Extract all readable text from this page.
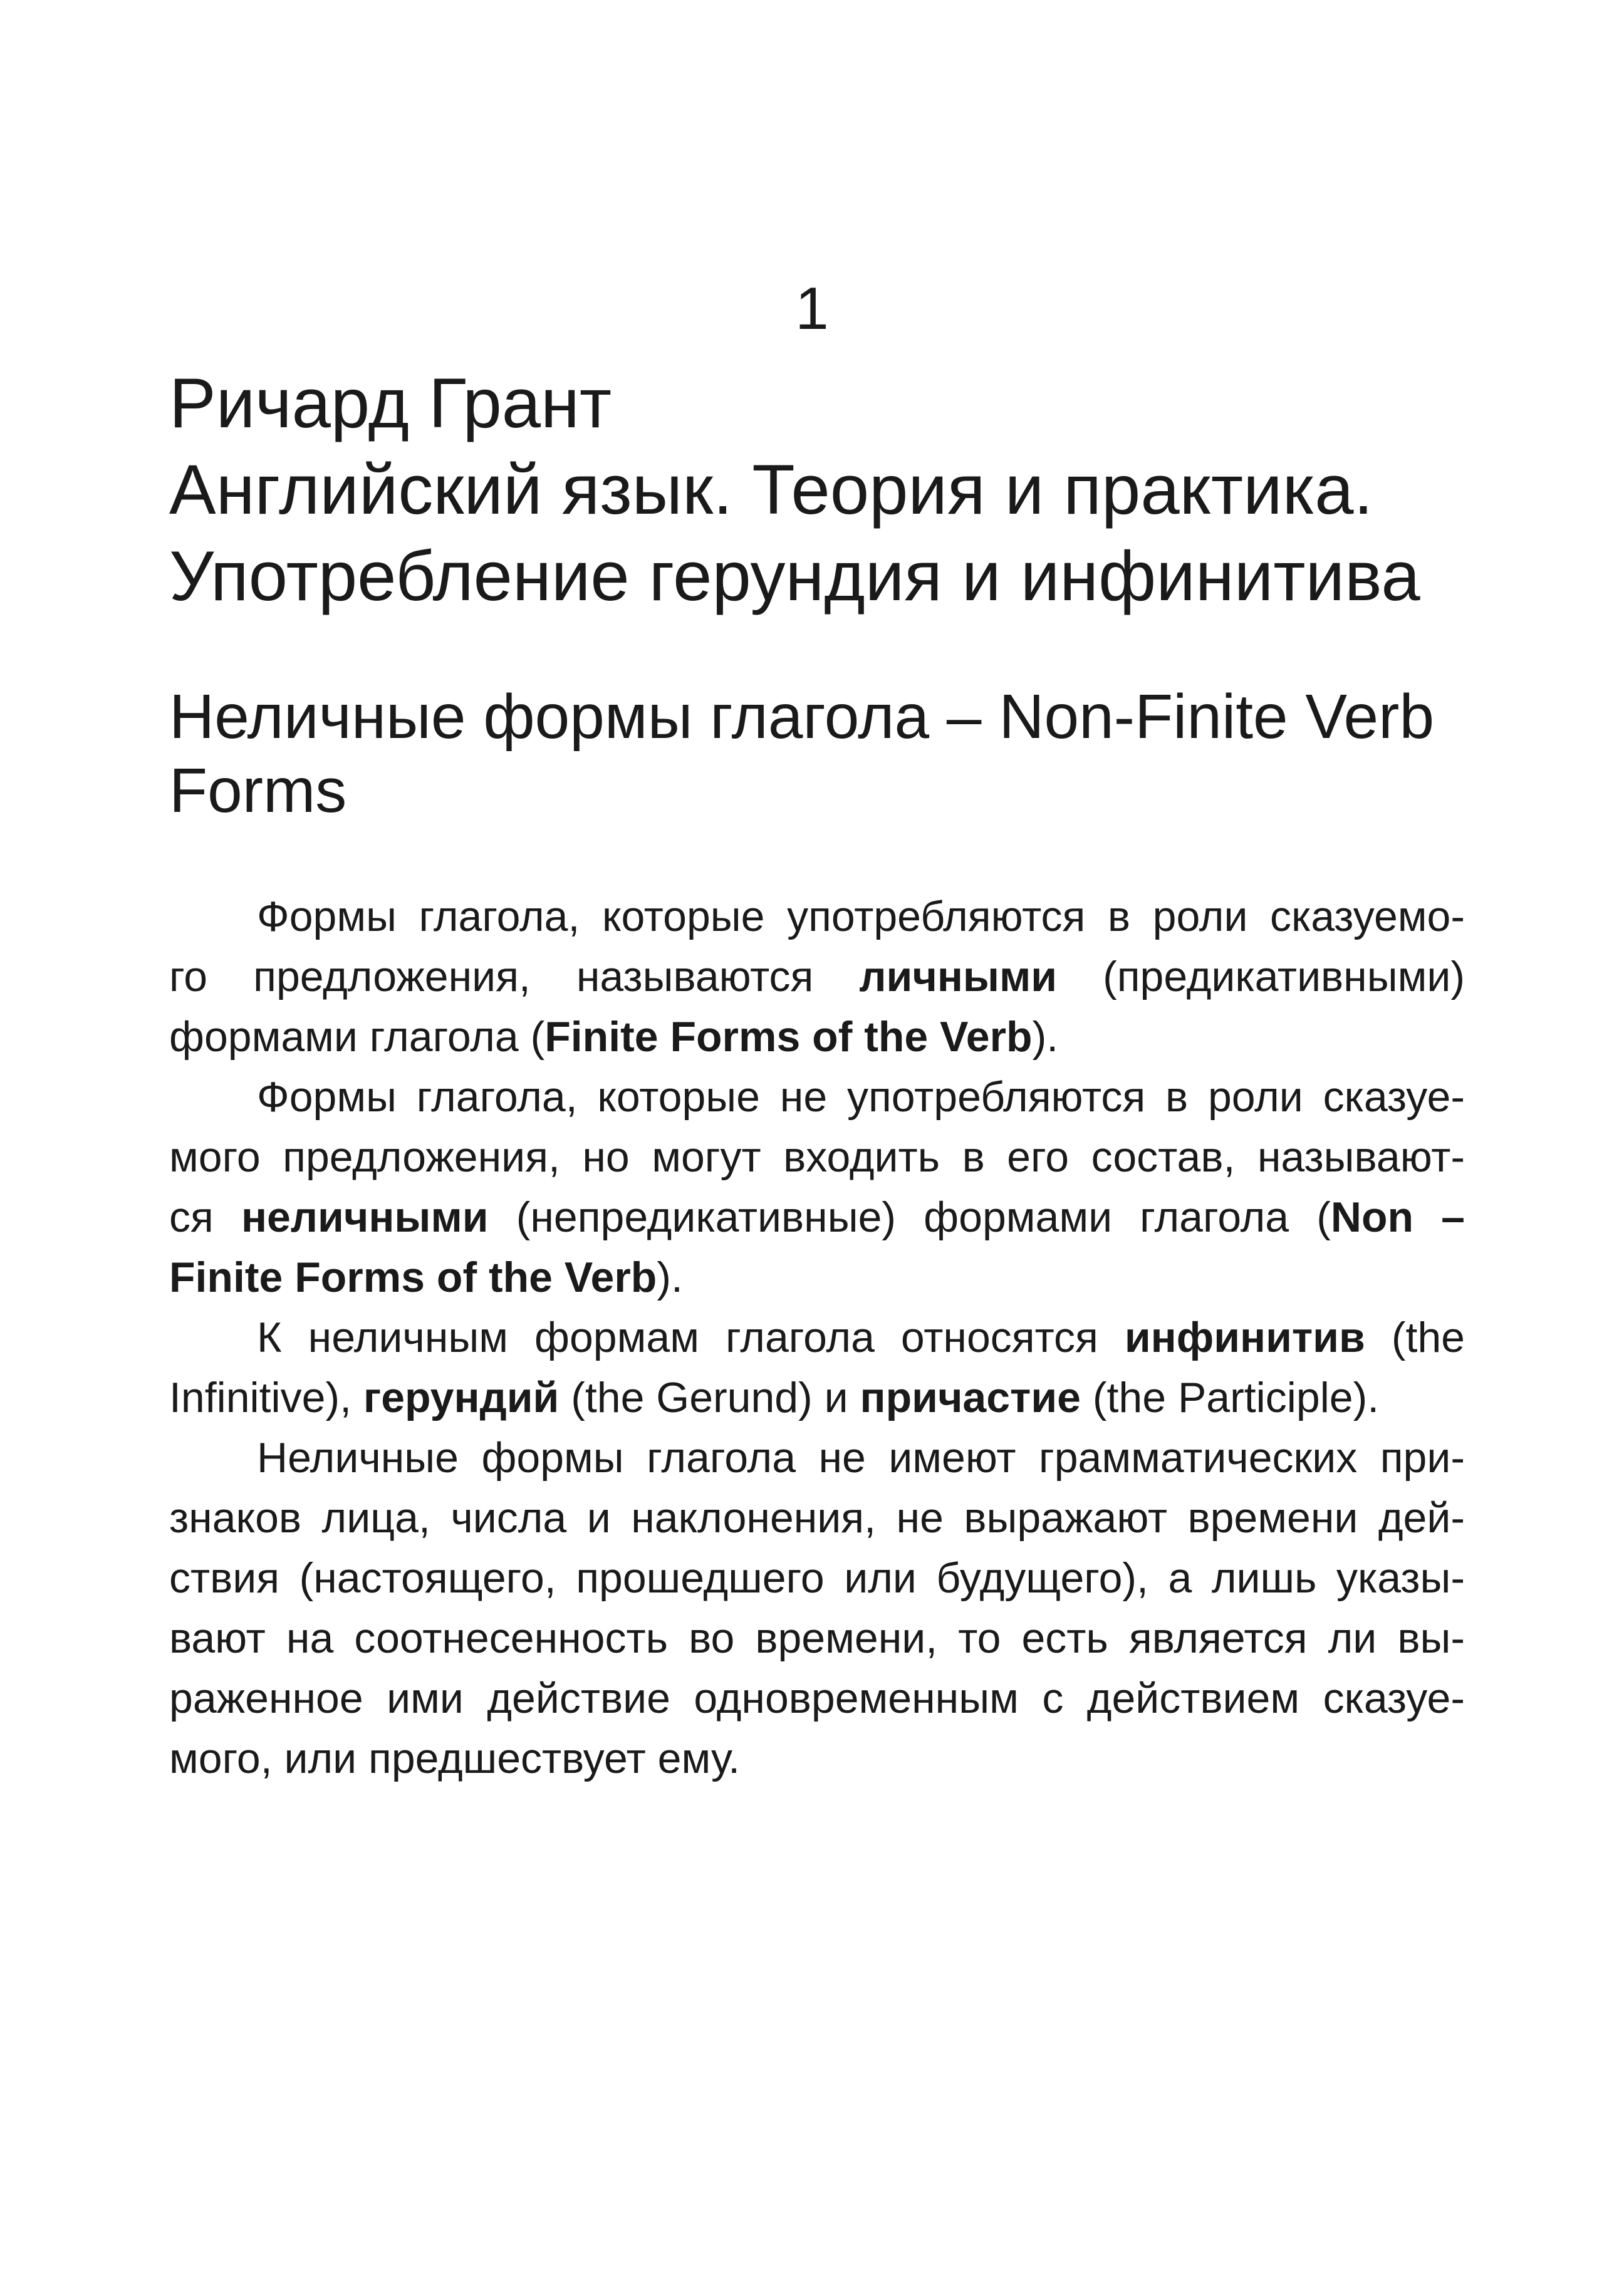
1
Ричард Грант
Английский язык. Теория и практика.
Употребление герундия и инфинитива
Неличные формы глагола – Non-Finite Verb
Forms
Формы глагола, которые употребляются в роли сказуемо-
го предложения, называются личными (предикативными)
формами глагола (Finite Forms of the Verb).
Формы глагола, которые не употребляются в роли сказуе-
мого предложения, но могут входить в его состав, называют-
ся неличными (непредикативные) формами глагола (Non –
Finite Forms of the Verb).
К неличным формам глагола относятся инфинитив (the
Infinitive), герундий (the Gerund) и причастие (the Participle).
Неличные формы глагола не имеют грамматических при-
знаков лица, числа и наклонения, не выражают времени дей-
ствия (настоящего, прошедшего или будущего), а лишь указы-
вают на соотнесенность во времени, то есть является ли вы-
раженное ими действие одновременным с действием сказуе-
мого, или предшествует ему.
